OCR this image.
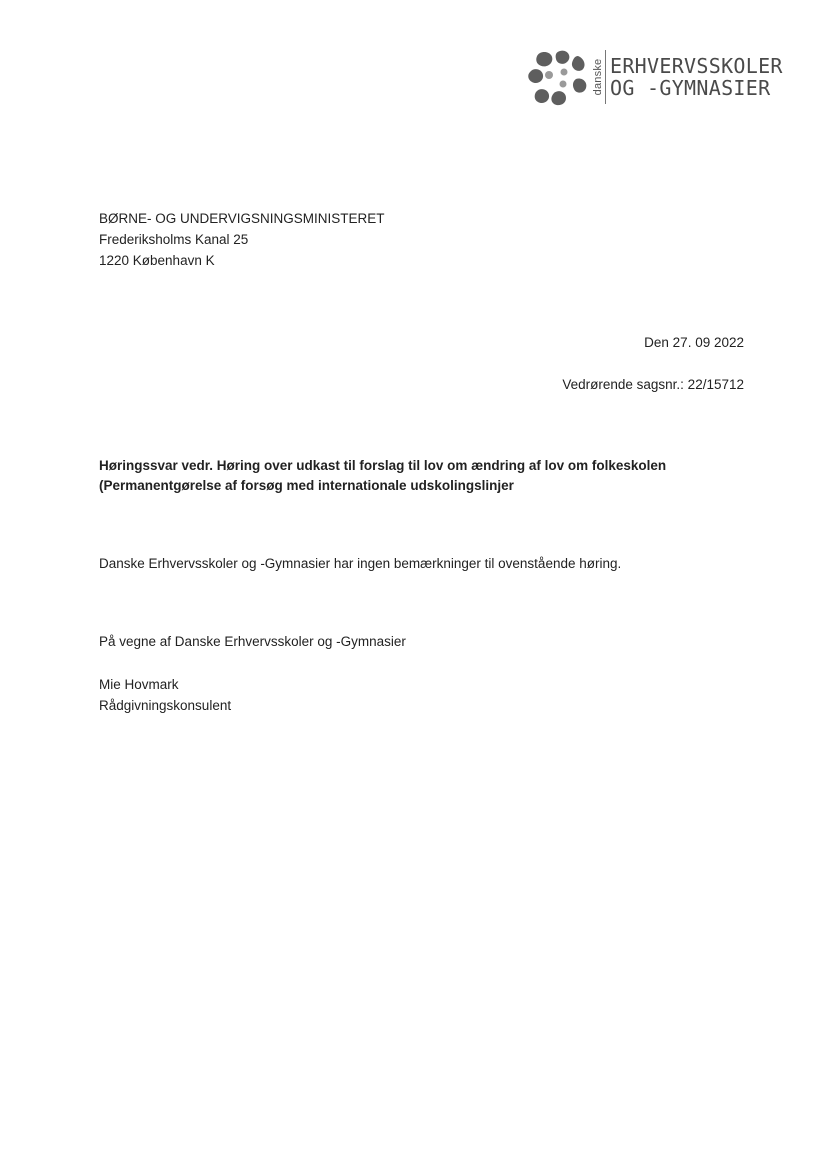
danske ERHVERVSSKOLER
OG -GYMNASIER
BØRNE- OG UNDERVIGSNINGSMINISTERET
Frederiksholms Kanal 25
1220 København K
Den 27. 09 2022
Vedrørende sagsnr.: 22/15712
Høringssvar vedr. Høring over udkast til forslag til lov om ændring af lov om folkeskolen
(Permanentgørelse af forsøg med internationale udskolingslinjer
Danske Erhvervsskoler og -Gymnasier har ingen bemærkninger til ovenstående høring.
På vegne af Danske Erhvervsskoler og -Gymnasier
Mie Hovmark
Rådgivningskonsulent
